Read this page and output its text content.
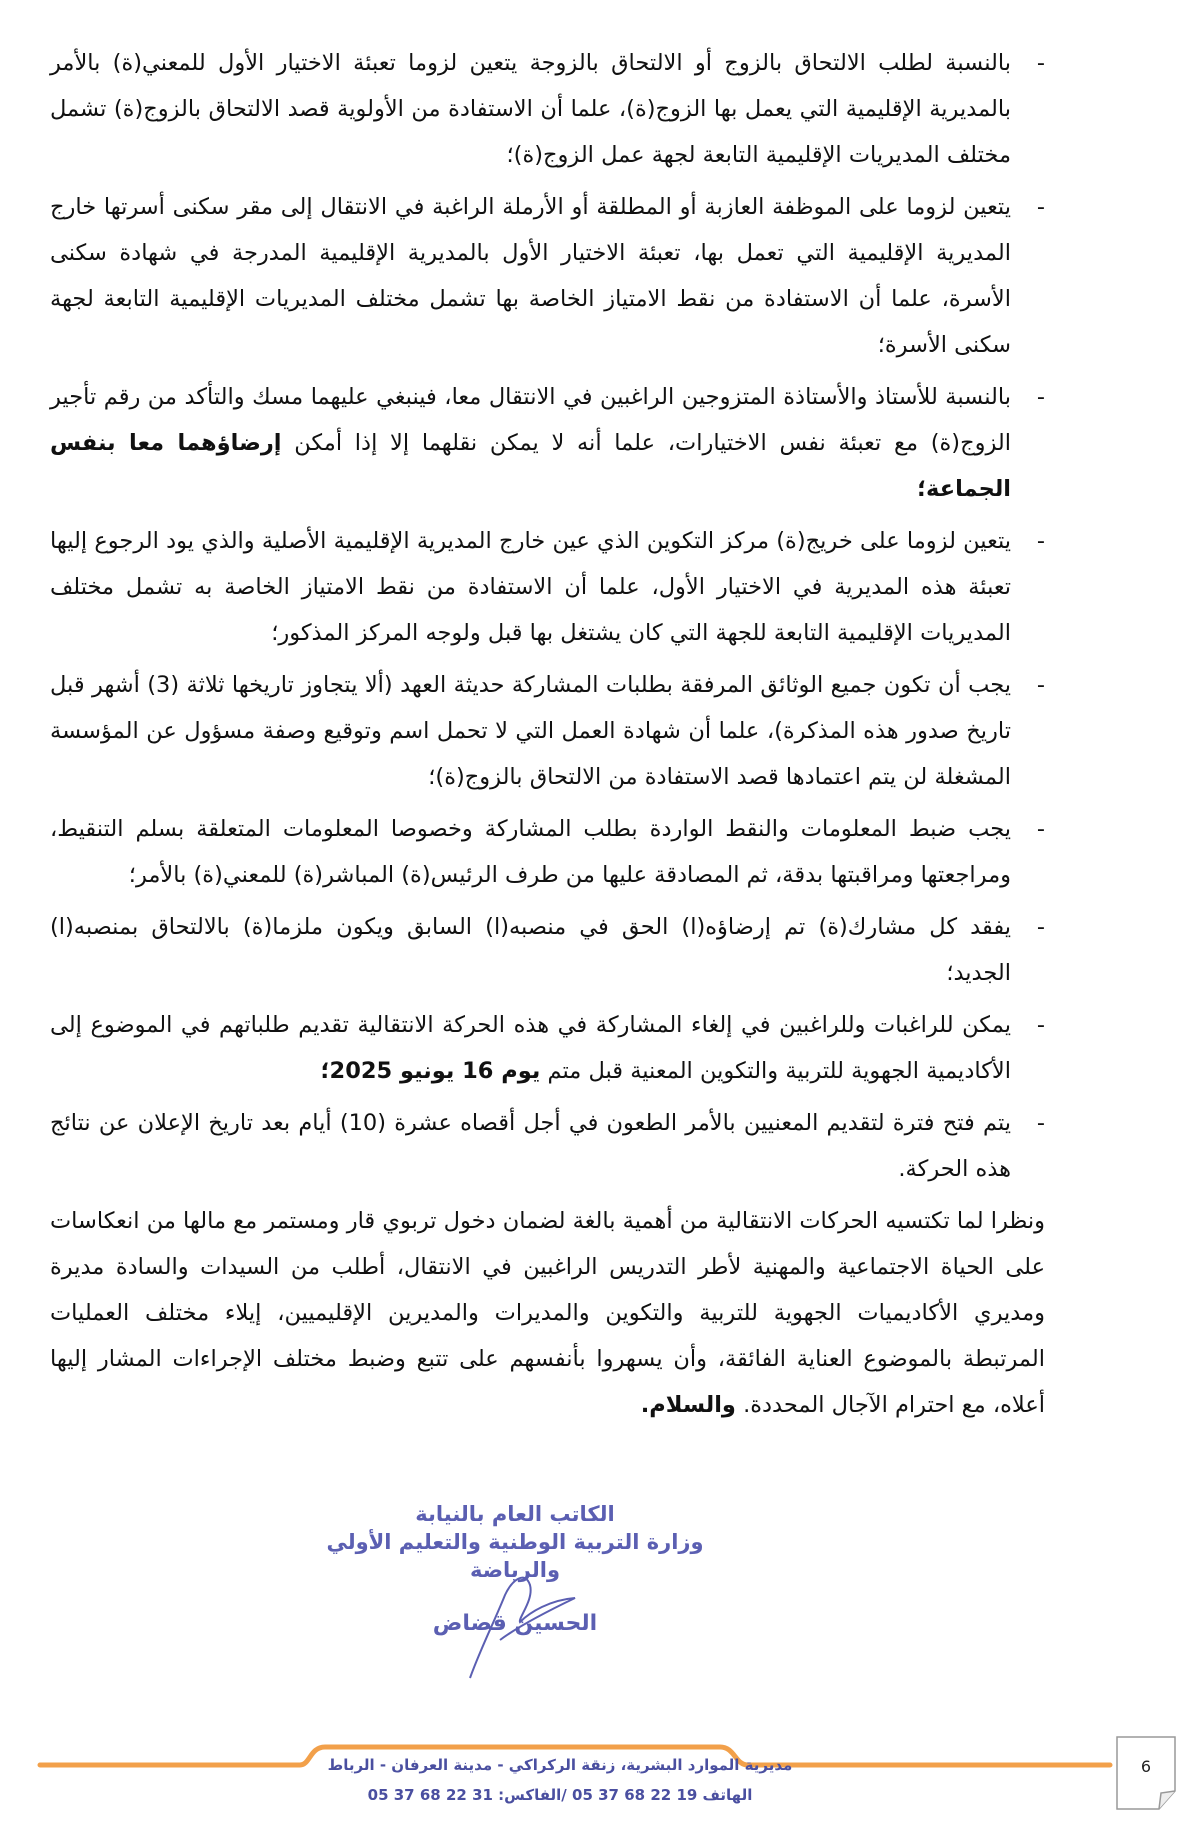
-
بالنسبة لطلب الالتحاق بالزوج أو الالتحاق بالزوجة يتعين لزوما تعبئة الاختيار الأول للمعني(ة) بالأمر بالمديرية الإقليمية التي يعمل بها الزوج(ة)، علما أن الاستفادة من الأولوية قصد الالتحاق بالزوج(ة) تشمل مختلف المديريات الإقليمية التابعة لجهة عمل الزوج(ة)؛
-
يتعين لزوما على الموظفة العازبة أو المطلقة أو الأرملة الراغبة في الانتقال إلى مقر سكنى أسرتها خارج المديرية الإقليمية التي تعمل بها، تعبئة الاختيار الأول بالمديرية الإقليمية المدرجة في شهادة سكنى الأسرة، علما أن الاستفادة من نقط الامتياز الخاصة بها تشمل مختلف المديريات الإقليمية التابعة لجهة سكنى الأسرة؛
-
بالنسبة للأستاذ والأستاذة المتزوجين الراغبين في الانتقال معا، فينبغي عليهما مسك والتأكد من رقم تأجير الزوج(ة) مع تعبئة نفس الاختيارات، علما أنه لا يمكن نقلهما إلا إذا أمكن إرضاؤهما معا بنفس الجماعة؛
-
يتعين لزوما على خريج(ة) مركز التكوين الذي عين خارج المديرية الإقليمية الأصلية والذي يود الرجوع إليها تعبئة هذه المديرية في الاختيار الأول، علما أن الاستفادة من نقط الامتياز الخاصة به تشمل مختلف المديريات الإقليمية التابعة للجهة التي كان يشتغل بها قبل ولوجه المركز المذكور؛
-
يجب أن تكون جميع الوثائق المرفقة بطلبات المشاركة حديثة العهد (ألا يتجاوز تاريخها ثلاثة (3) أشهر قبل تاريخ صدور هذه المذكرة)، علما أن شهادة العمل التي لا تحمل اسم وتوقيع وصفة مسؤول عن المؤسسة المشغلة لن يتم اعتمادها قصد الاستفادة من الالتحاق بالزوج(ة)؛
-
يجب ضبط المعلومات والنقط الواردة بطلب المشاركة وخصوصا المعلومات المتعلقة بسلم التنقيط، ومراجعتها ومراقبتها بدقة، ثم المصادقة عليها من طرف الرئيس(ة) المباشر(ة) للمعني(ة) بالأمر؛
-
يفقد كل مشارك(ة) تم إرضاؤه(ا) الحق في منصبه(ا) السابق ويكون ملزما(ة) بالالتحاق بمنصبه(ا) الجديد؛
-
يمكن للراغبات وللراغبين في إلغاء المشاركة في هذه الحركة الانتقالية تقديم طلباتهم في الموضوع إلى الأكاديمية الجهوية للتربية والتكوين المعنية قبل متم يوم 16 يونيو 2025؛
-
يتم فتح فترة لتقديم المعنيين بالأمر الطعون في أجل أقصاه عشرة (10) أيام بعد تاريخ الإعلان عن نتائج هذه الحركة.

ونظرا لما تكتسيه الحركات الانتقالية من أهمية بالغة لضمان دخول تربوي قار ومستمر مع مالها من انعكاسات على الحياة الاجتماعية والمهنية لأطر التدريس الراغبين في الانتقال، أطلب من السيدات والسادة مديرة ومديري الأكاديميات الجهوية للتربية والتكوين والمديرات والمديرين الإقليميين، إيلاء مختلف العمليات المرتبطة بالموضوع العناية الفائقة، وأن يسهروا بأنفسهم على تتبع وضبط مختلف الإجراءات المشار إليها أعلاه، مع احترام الآجال المحددة. والسلام.

الكاتب العام بالنيابة
وزارة التربية الوطنية والتعليم الأولي
والرياضة
الحسين قضاض
مديرية الموارد البشرية، زنقة الركراكي - مدينة العرفان - الرباط
الهاتف 19 22 68 37 05 /الفاكس: 31 22 68 37 05
6
